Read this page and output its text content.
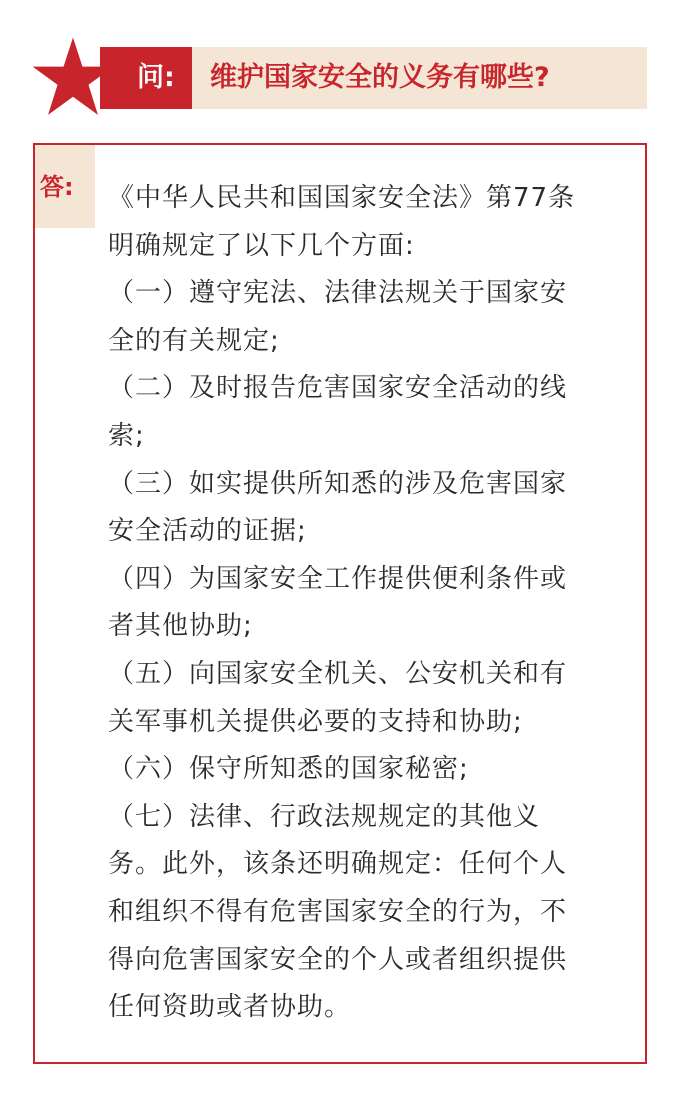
问: 维护国家安全的义务有哪些?
答: 《中华人民共和国国家安全法》第77条
明确规定了以下几个方面:
（一）遵守宪法、法律法规关于国家安
全的有关规定;
（二）及时报告危害国家安全活动的线
索;
（三）如实提供所知悉的涉及危害国家
安全活动的证据;
（四）为国家安全工作提供便利条件或
者其他协助;
（五）向国家安全机关、公安机关和有
关军事机关提供必要的支持和协助;
（六）保守所知悉的国家秘密;
（七）法律、行政法规规定的其他义
务。此外，该条还明确规定：任何个人
和组织不得有危害国家安全的行为，不
得向危害国家安全的个人或者组织提供
任何资助或者协助。
